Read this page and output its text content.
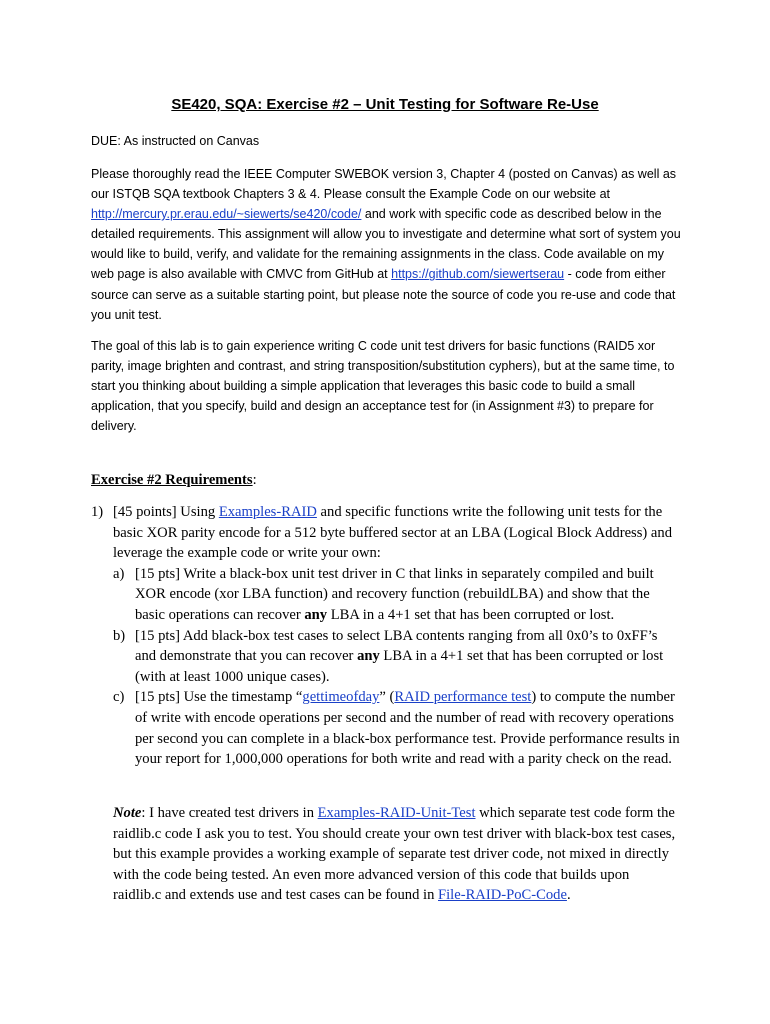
SE420, SQA: Exercise #2 – Unit Testing for Software Re-Use
DUE: As instructed on Canvas

Please thoroughly read the IEEE Computer SWEBOK version 3, Chapter 4 (posted on Canvas) as well as our ISTQB SQA textbook Chapters 3 & 4. Please consult the Example Code on our website at http://mercury.pr.erau.edu/~siewerts/se420/code/ and work with specific code as described below in the detailed requirements. This assignment will allow you to investigate and determine what sort of system you would like to build, verify, and validate for the remaining assignments in the class. Code available on my web page is also available with CMVC from GitHub at https://github.com/siewertserau - code from either source can serve as a suitable starting point, but please note the source of code you re-use and code that you unit test.

The goal of this lab is to gain experience writing C code unit test drivers for basic functions (RAID5 xor parity, image brighten and contrast, and string transposition/substitution cyphers), but at the same time, to start you thinking about building a simple application that leverages this basic code to build a small application, that you specify, build and design an acceptance test for (in Assignment #3) to prepare for delivery.

Exercise #2 Requirements:
1) [45 points] Using Examples-RAID and specific functions write the following unit tests for the basic XOR parity encode for a 512 byte buffered sector at an LBA (Logical Block Address) and leverage the example code or write your own:
a) [15 pts] Write a black-box unit test driver in C that links in separately compiled and built XOR encode (xor LBA function) and recovery function (rebuildLBA) and show that the basic operations can recover any LBA in a 4+1 set that has been corrupted or lost.
b) [15 pts] Add black-box test cases to select LBA contents ranging from all 0x0’s to 0xFF’s and demonstrate that you can recover any LBA in a 4+1 set that has been corrupted or lost (with at least 1000 unique cases).
c) [15 pts] Use the timestamp “gettimeofday” (RAID performance test) to compute the number of write with encode operations per second and the number of read with recovery operations per second you can complete in a black-box performance test. Provide performance results in your report for 1,000,000 operations for both write and read with a parity check on the read.
Note: I have created test drivers in Examples-RAID-Unit-Test which separate test code form the raidlib.c code I ask you to test. You should create your own test driver with black-box test cases, but this example provides a working example of separate test driver code, not mixed in directly with the code being tested. An even more advanced version of this code that builds upon raidlib.c and extends use and test cases can be found in File-RAID-PoC-Code.
